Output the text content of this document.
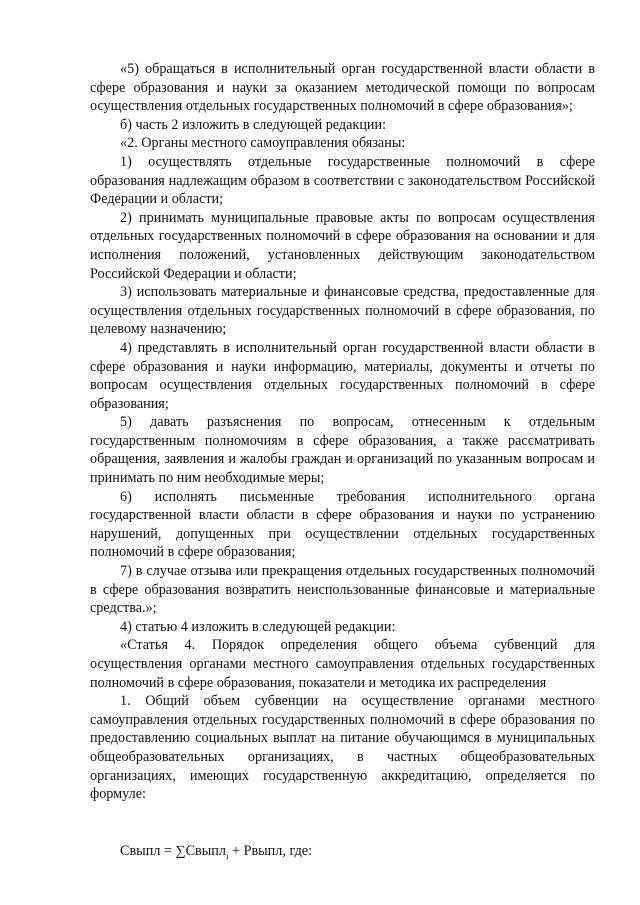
«5) обращаться в исполнительный орган государственной власти области в сфере образования и науки за оказанием методической помощи по вопросам осуществления отдельных государственных полномочий в сфере образования»;

б) часть 2 изложить в следующей редакции:

«2. Органы местного самоуправления обязаны:

1) осуществлять отдельные государственные полномочий в сфере образования надлежащим образом в соответствии с законодательством Российской Федерации и области;

2) принимать муниципальные правовые акты по вопросам осуществления отдельных государственных полномочий в сфере образования на основании и для исполнения положений, установленных действующим законодательством Российской Федерации и области;

3) использовать материальные и финансовые средства, предоставленные для осуществления отдельных государственных полномочий в сфере образования, по целевому назначению;

4) представлять в исполнительный орган государственной власти области в сфере образования и науки информацию, материалы, документы и отчеты по вопросам осуществления отдельных государственных полномочий в сфере образования;

5) давать разъяснения по вопросам, отнесенным к отдельным государственным полномочиям в сфере образования, а также рассматривать обращения, заявления и жалобы граждан и организаций по указанным вопросам и принимать по ним необходимые меры;

6) исполнять письменные требования исполнительного органа государственной власти области в сфере образования и науки по устранению нарушений, допущенных при осуществлении отдельных государственных полномочий в сфере образования;

7) в случае отзыва или прекращения отдельных государственных полномочий в сфере образования возвратить неиспользованные финансовые и материальные средства.»;

4) статью 4 изложить в следующей редакции:

«Статья 4. Порядок определения общего объема субвенций для осуществления органами местного самоуправления отдельных государственных полномочий в сфере образования, показатели и методика их распределения

1. Общий объем субвенции на осуществление органами местного самоуправления отдельных государственных полномочий в сфере образования по предоставлению социальных выплат на питание обучающимся в муниципальных общеобразовательных организациях, в частных общеобразовательных организациях, имеющих государственную аккредитацию, определяется по формуле:

Свыпл = ∑Свыпл$_i$ + Рвыпл, где:
